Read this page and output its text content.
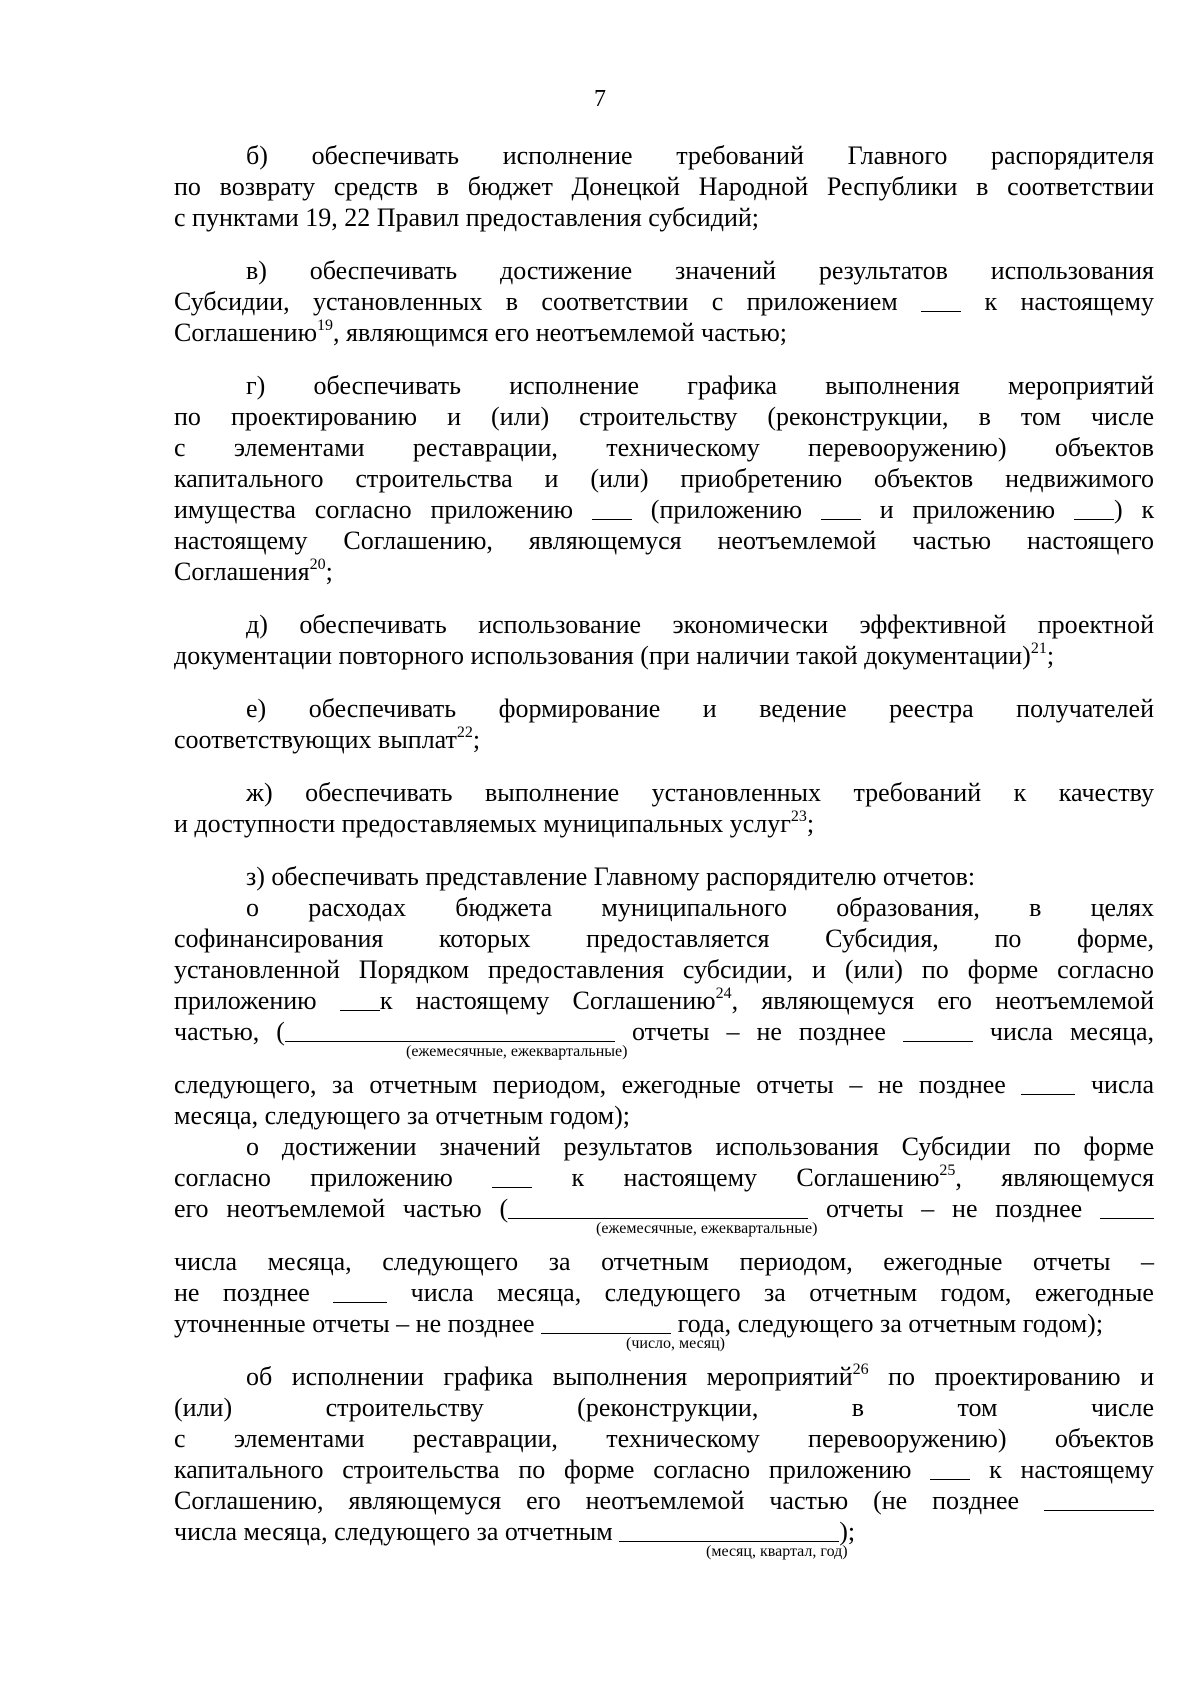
7
б) обеспечивать исполнение требований Главного распорядителя
по возврату средств в бюджет Донецкой Народной Республики в соответствии
с пунктами 19, 22 Правил предоставления субсидий;
в) обеспечивать достижение значений результатов использования
Субсидии, установленных в соответствии с приложением	к настоящему
Соглашению$^{19}$, являющимся его неотъемлемой частью;
г) обеспечивать исполнение графика выполнения мероприятий
по проектированию и (или) строительству (реконструкции, в том числе
с элементами реставрации, техническому перевооружению) объектов
капитального строительства и (или) приобретению объектов недвижимого
имущества согласно приложению	(приложению	и приложению ) к
настоящему Соглашению, являющемуся неотъемлемой частью настоящего
Соглашения$^{20}$;
д) обеспечивать использование экономически эффективной проектной
документации повторного использования (при наличии такой документации)$^{21}$;
е) обеспечивать формирование и ведение реестра получателей
соответствующих выплат$^{22}$;
ж) обеспечивать выполнение установленных требований к качеству
и доступности предоставляемых муниципальных услуг$^{23}$;
з) обеспечивать представление Главному распорядителю отчетов:
о расходах бюджета муниципального образования, в целях
софинансирования которых предоставляется Субсидия, по форме,
установленной Порядком предоставления субсидии, и (или) по форме согласно
приложению к настоящему Соглашению$^{24}$, являющемуся его неотъемлемой
частью, (	отчеты – не позднее	числа месяца,
(ежемесячные, ежеквартальные)
следующего, за отчетным периодом, ежегодные отчеты – не позднее	числа
месяца, следующего за отчетным годом);
о достижении значений результатов использования Субсидии по форме
согласно приложению	к настоящему Соглашению$^{25}$, являющемуся
его неотъемлемой частью (	отчеты – не позднее
(ежемесячные, ежеквартальные)
числа месяца, следующего за отчетным периодом, ежегодные отчеты –
не позднее	числа месяца, следующего за отчетным годом, ежегодные
уточненные отчеты – не позднее	года, следующего за отчетным годом);
(число, месяц)
об исполнении графика выполнения мероприятий$^{26}$ по проектированию и
(или) строительству (реконструкции, в том числе
с элементами реставрации, техническому перевооружению) объектов
капитального строительства по форме согласно приложению	к настоящему
Соглашению, являющемуся его неотъемлемой частью (не позднее
числа месяца, следующего за отчетным	);
(месяц, квартал, год)
